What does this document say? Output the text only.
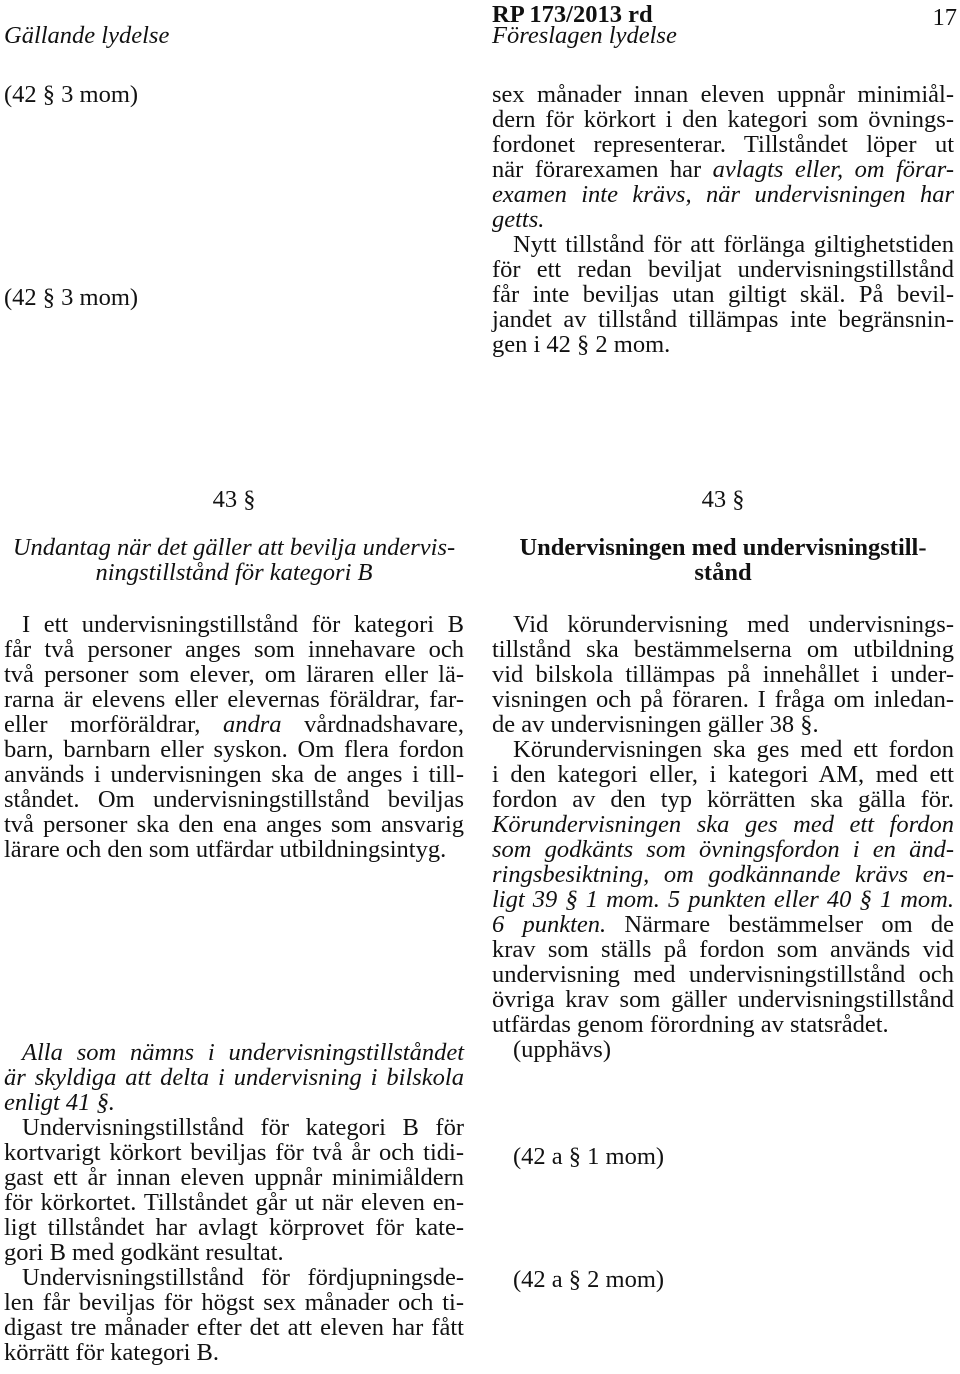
Gällande lydelse
RP 173/2013 rd
Föreslagen lydelse
17
(42 § 3 mom)
(42 § 3 mom)
sex månader innan eleven uppnår minimiål-
dern för körkort i den kategori som övnings-
fordonet representerar. Tillståndet löper ut
när förarexamen har avlagts eller, om förar-
examen inte krävs, när undervisningen har
getts.
Nytt tillstånd för att förlänga giltighetstiden
för ett redan beviljat undervisningstillstånd
får inte beviljas utan giltigt skäl. På bevil-
jandet av tillstånd tillämpas inte begränsnin-
gen i 42 § 2 mom.
43 §	43 §
Undantag när det gäller att bevilja undervis-
ningstillstånd för kategori B
Undervisningen med undervisningstill-
stånd
I ett undervisningstillstånd för kategori B
får två personer anges som innehavare och
två personer som elever, om läraren eller lä-
rarna är elevens eller elevernas föräldrar, far-
eller morföräldrar, andra vårdnadshavare,
barn, barnbarn eller syskon. Om flera fordon
används i undervisningen ska de anges i till-
ståndet. Om undervisningstillstånd beviljas
två personer ska den ena anges som ansvarig
lärare och den som utfärdar utbildningsintyg.
Alla som nämns i undervisningstillståndet
är skyldiga att delta i undervisning i bilskola
enligt 41 §.
Undervisningstillstånd för kategori B för
kortvarigt körkort beviljas för två år och tidi-
gast ett år innan eleven uppnår minimiåldern
för körkortet. Tillståndet går ut när eleven en-
ligt tillståndet har avlagt körprovet för kate-
gori B med godkänt resultat.
Undervisningstillstånd för fördjupningsde-
len får beviljas för högst sex månader och ti-
digast tre månader efter det att eleven har fått
körrätt för kategori B.
Vid körundervisning med undervisnings-
tillstånd ska bestämmelserna om utbildning
vid bilskola tillämpas på innehållet i under-
visningen och på föraren. I fråga om inledan-
de av undervisningen gäller 38 §.
Körundervisningen ska ges med ett fordon
i den kategori eller, i kategori AM, med ett
fordon av den typ körrätten ska gälla för.
Körundervisningen ska ges med ett fordon
som godkänts som övningsfordon i en änd-
ringsbesiktning, om godkännande krävs en-
ligt 39 § 1 mom. 5 punkten eller 40 § 1 mom.
6 punkten. Närmare bestämmelser om de
krav som ställs på fordon som används vid
undervisning med undervisningstillstånd och
övriga krav som gäller undervisningstillstånd
utfärdas genom förordning av statsrådet.
(upphävs)
(42 a § 1 mom)
(42 a § 2 mom)
